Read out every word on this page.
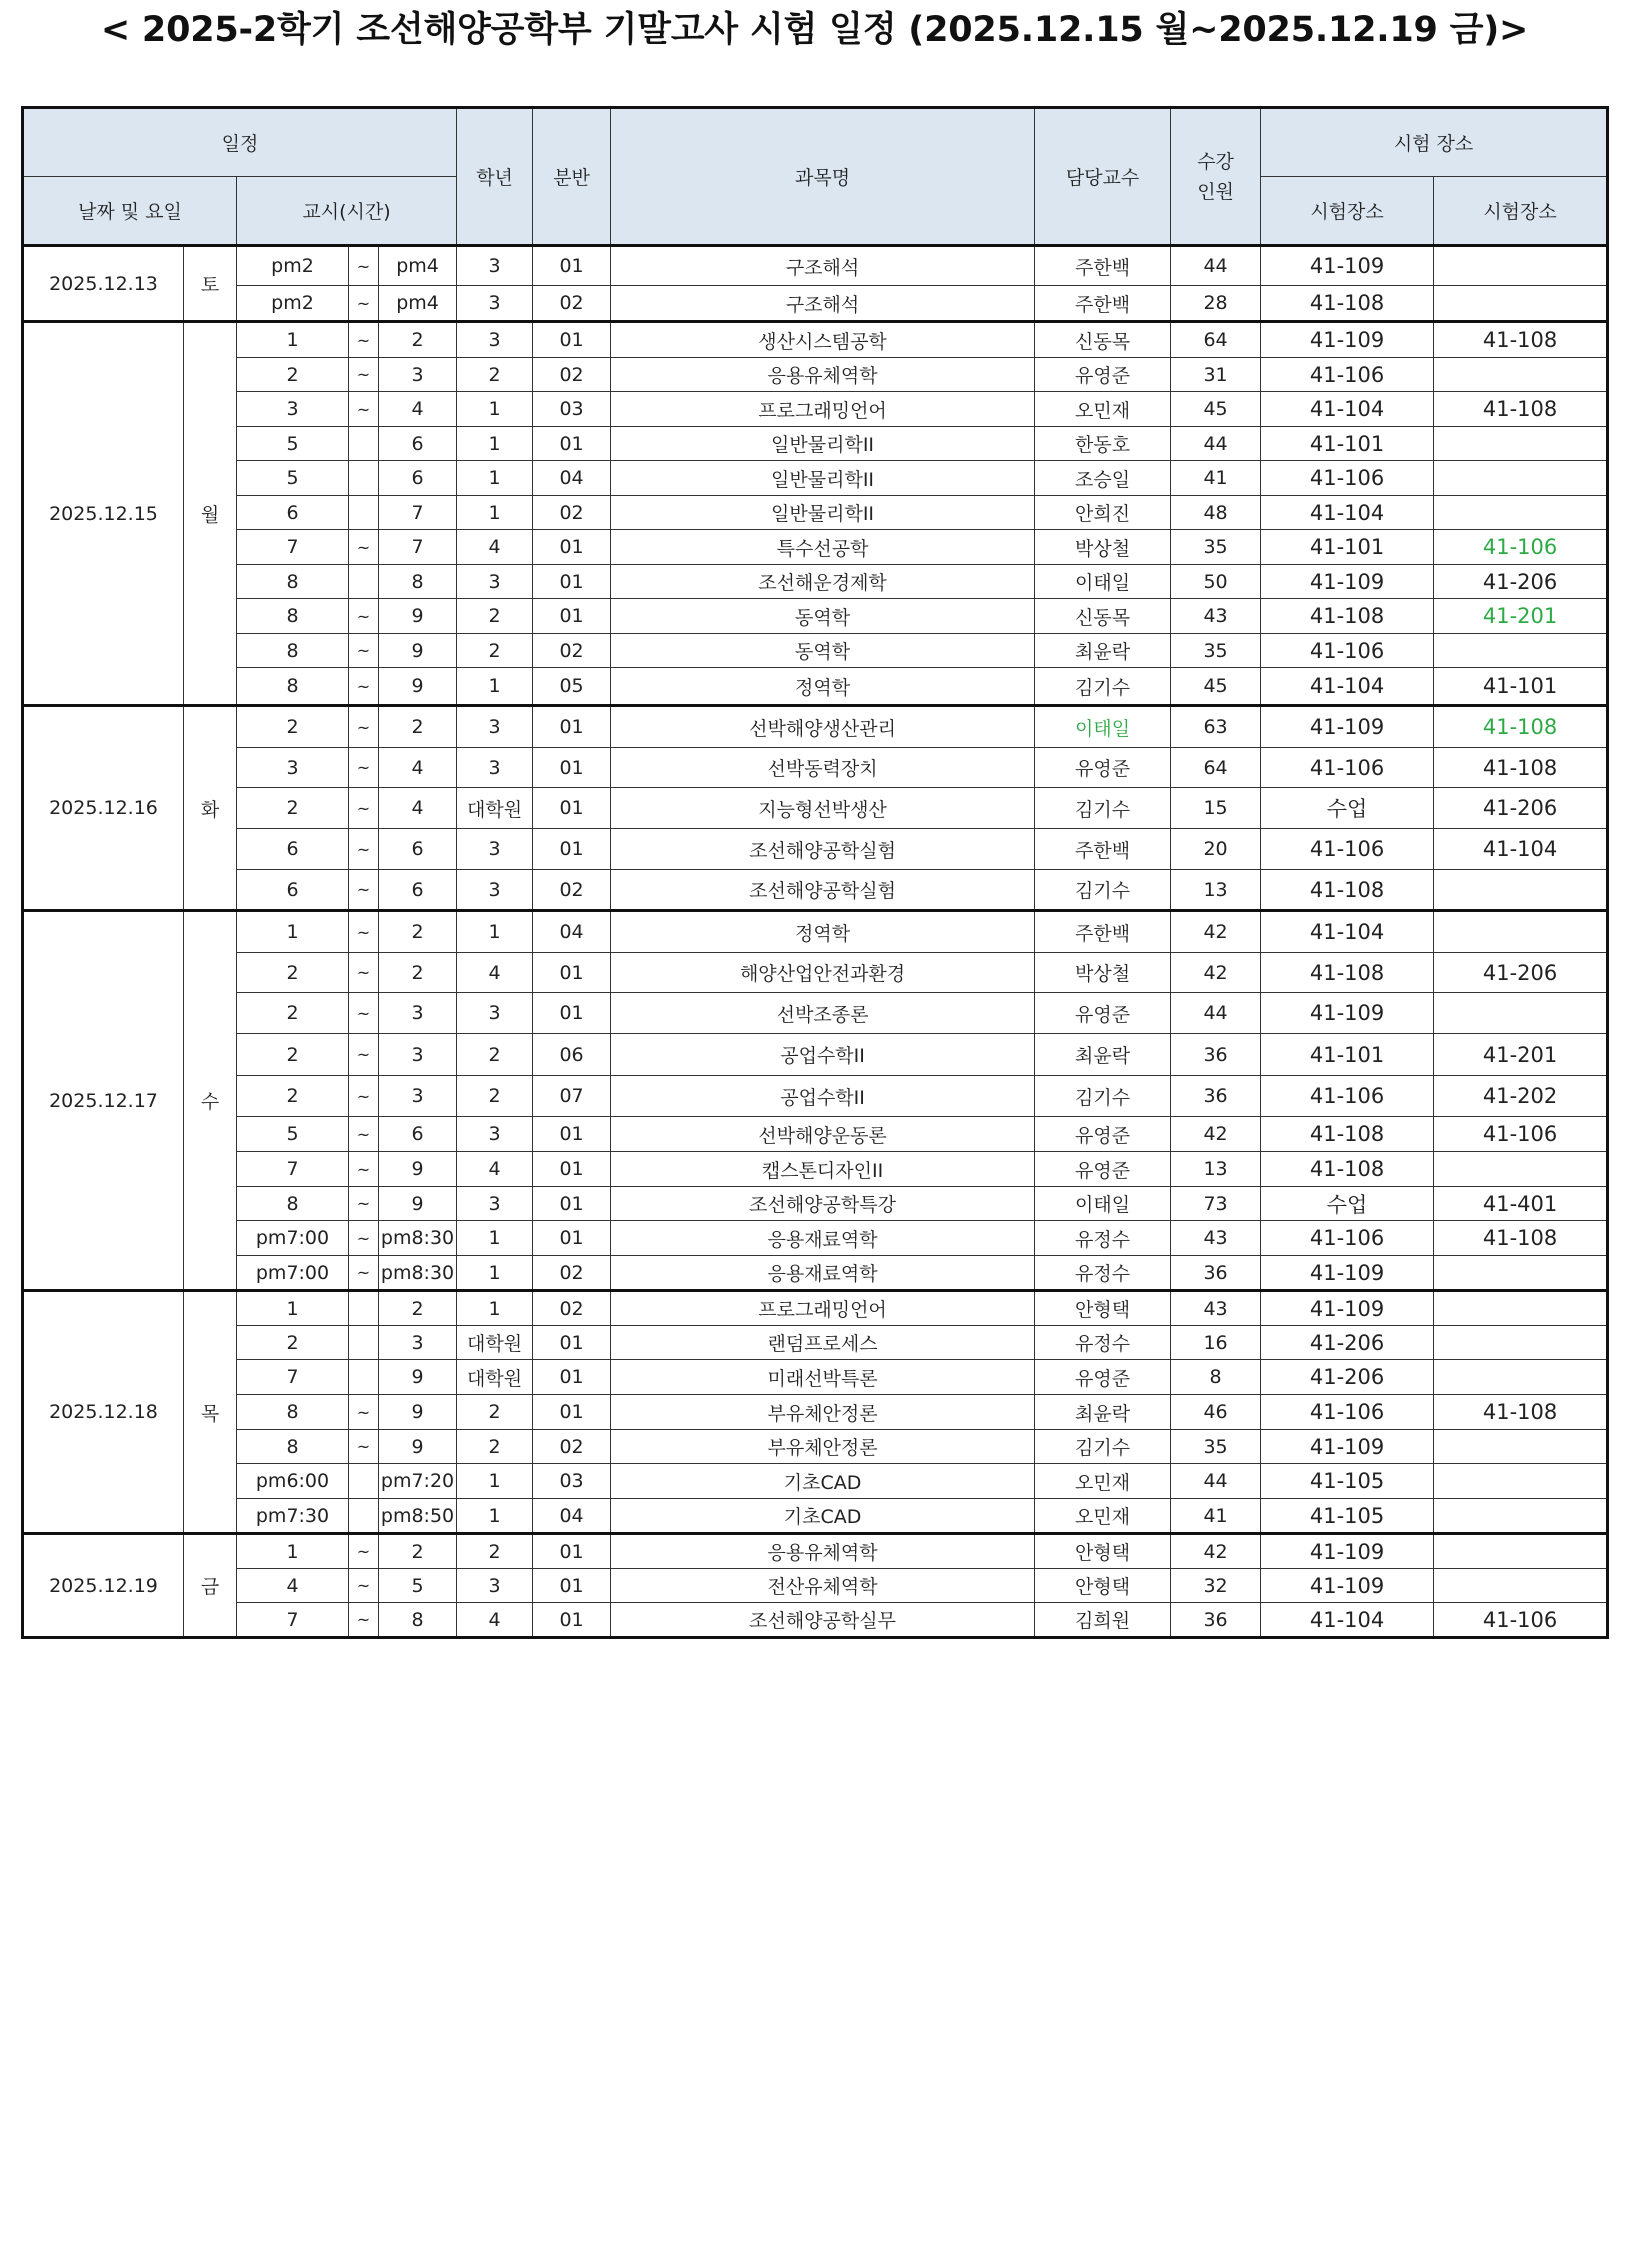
< 2025-2학기 조선해양공학부 기말고사 시험 일정 (2025.12.15 월~2025.12.19 금)>
일정					학년	분반	과목명	담당교수	수강
인원	시험 장소	
날짜 및 요일		교시(시간)								시험장소	시험장소
2025.12.13	토	pm2	~	pm4	3	01	구조해석	주한백	44	41-109	
		pm2	~	pm4	3	02	구조해석	주한백	28	41-108	
2025.12.15	월	1	~	2	3	01	생산시스템공학	신동목	64	41-109	41-108
		2	~	3	2	02	응용유체역학	유영준	31	41-106	
		3	~	4	1	03	프로그래밍언어	오민재	45	41-104	41-108
		5		6	1	01	일반물리학II	한동호	44	41-101	
		5		6	1	04	일반물리학II	조승일	41	41-106	
		6		7	1	02	일반물리학II	안희진	48	41-104	
		7	~	7	4	01	특수선공학	박상철	35	41-101	41-106
		8		8	3	01	조선해운경제학	이태일	50	41-109	41-206
		8	~	9	2	01	동역학	신동목	43	41-108	41-201
		8	~	9	2	02	동역학	최윤락	35	41-106	
		8	~	9	1	05	정역학	김기수	45	41-104	41-101
2025.12.16	화	2	~	2	3	01	선박해양생산관리	이태일	63	41-109	41-108
		3	~	4	3	01	선박동력장치	유영준	64	41-106	41-108
		2	~	4	대학원	01	지능형선박생산	김기수	15	수업	41-206
		6	~	6	3	01	조선해양공학실험	주한백	20	41-106	41-104
		6	~	6	3	02	조선해양공학실험	김기수	13	41-108	
2025.12.17	수	1	~	2	1	04	정역학	주한백	42	41-104	
		2	~	2	4	01	해양산업안전과환경	박상철	42	41-108	41-206
		2	~	3	3	01	선박조종론	유영준	44	41-109	
		2	~	3	2	06	공업수학II	최윤락	36	41-101	41-201
		2	~	3	2	07	공업수학II	김기수	36	41-106	41-202
		5	~	6	3	01	선박해양운동론	유영준	42	41-108	41-106
		7	~	9	4	01	캡스톤디자인II	유영준	13	41-108	
		8	~	9	3	01	조선해양공학특강	이태일	73	수업	41-401
		pm7:00	~	pm8:30	1	01	응용재료역학	유정수	43	41-106	41-108
		pm7:00	~	pm8:30	1	02	응용재료역학	유정수	36	41-109	
2025.12.18	목	1		2	1	02	프로그래밍언어	안형택	43	41-109	
		2		3	대학원	01	랜덤프로세스	유정수	16	41-206	
		7		9	대학원	01	미래선박특론	유영준	8	41-206	
		8	~	9	2	01	부유체안정론	최윤락	46	41-106	41-108
		8	~	9	2	02	부유체안정론	김기수	35	41-109	
		pm6:00		pm7:20	1	03	기초CAD	오민재	44	41-105	
		pm7:30		pm8:50	1	04	기초CAD	오민재	41	41-105	
2025.12.19	금	1	~	2	2	01	응용유체역학	안형택	42	41-109	
		4	~	5	3	01	전산유체역학	안형택	32	41-109	
		7	~	8	4	01	조선해양공학실무	김희원	36	41-104	41-106
